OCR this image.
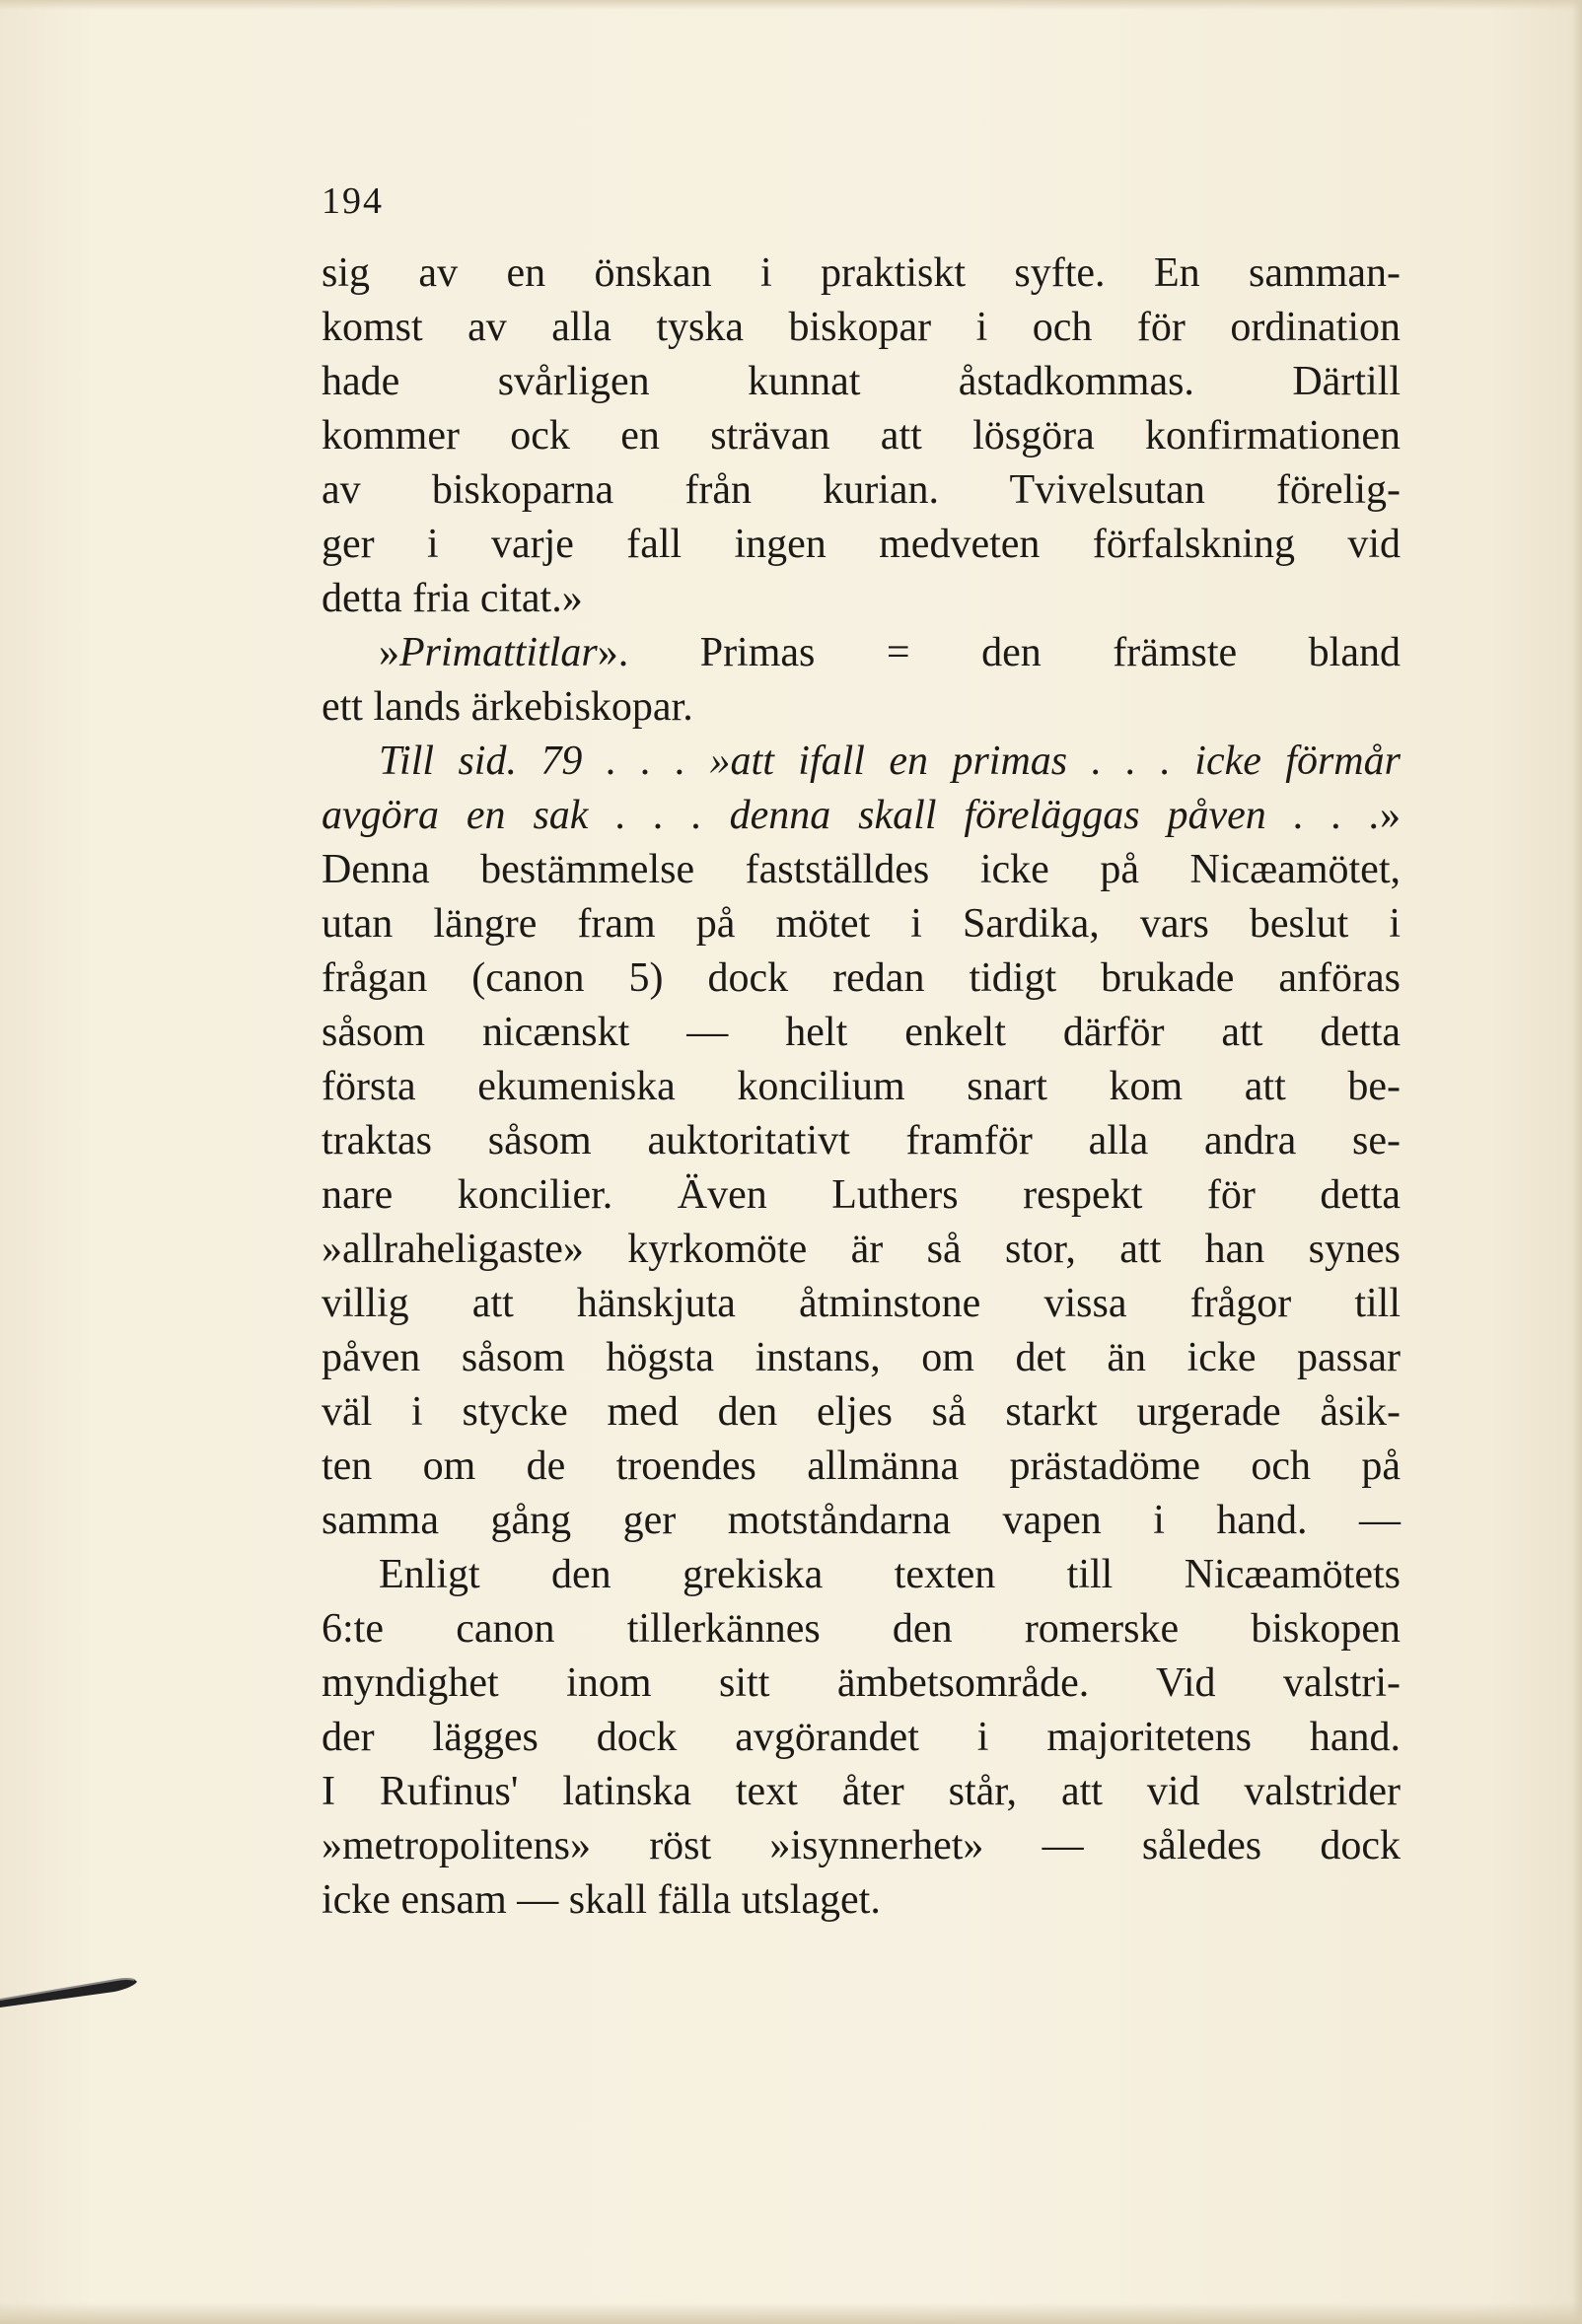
194
sig av en önskan i praktiskt syfte. En samman-
komst av alla tyska biskopar i och för ordination
hade svårligen kunnat åstadkommas. Därtill
kommer ock en strävan att lösgöra konfirmationen
av biskoparna från kurian. Tvivelsutan förelig-
ger i varje fall ingen medveten förfalskning vid
detta fria citat.»
»Primattitlar». Primas = den främste bland
ett lands ärkebiskopar.
Till sid. 79 . . . »att ifall en primas . . . icke förmår
avgöra en sak . . . denna skall föreläggas påven . . .»
Denna bestämmelse fastställdes icke på Nicæamötet,
utan längre fram på mötet i Sardika, vars beslut i
frågan (canon 5) dock redan tidigt brukade anföras
såsom nicænskt — helt enkelt därför att detta
första ekumeniska koncilium snart kom att be-
traktas såsom auktoritativt framför alla andra se-
nare koncilier. Även Luthers respekt för detta
»allraheligaste» kyrkomöte är så stor, att han synes
villig att hänskjuta åtminstone vissa frågor till
påven såsom högsta instans, om det än icke passar
väl i stycke med den eljes så starkt urgerade åsik-
ten om de troendes allmänna prästadöme och på
samma gång ger motståndarna vapen i hand. —
Enligt den grekiska texten till Nicæamötets
6:te canon tillerkännes den romerske biskopen
myndighet inom sitt ämbetsområde. Vid valstri-
der lägges dock avgörandet i majoritetens hand.
I Rufinus' latinska text åter står, att vid valstrider
»metropolitens» röst »isynnerhet» — således dock
icke ensam — skall fälla utslaget.
